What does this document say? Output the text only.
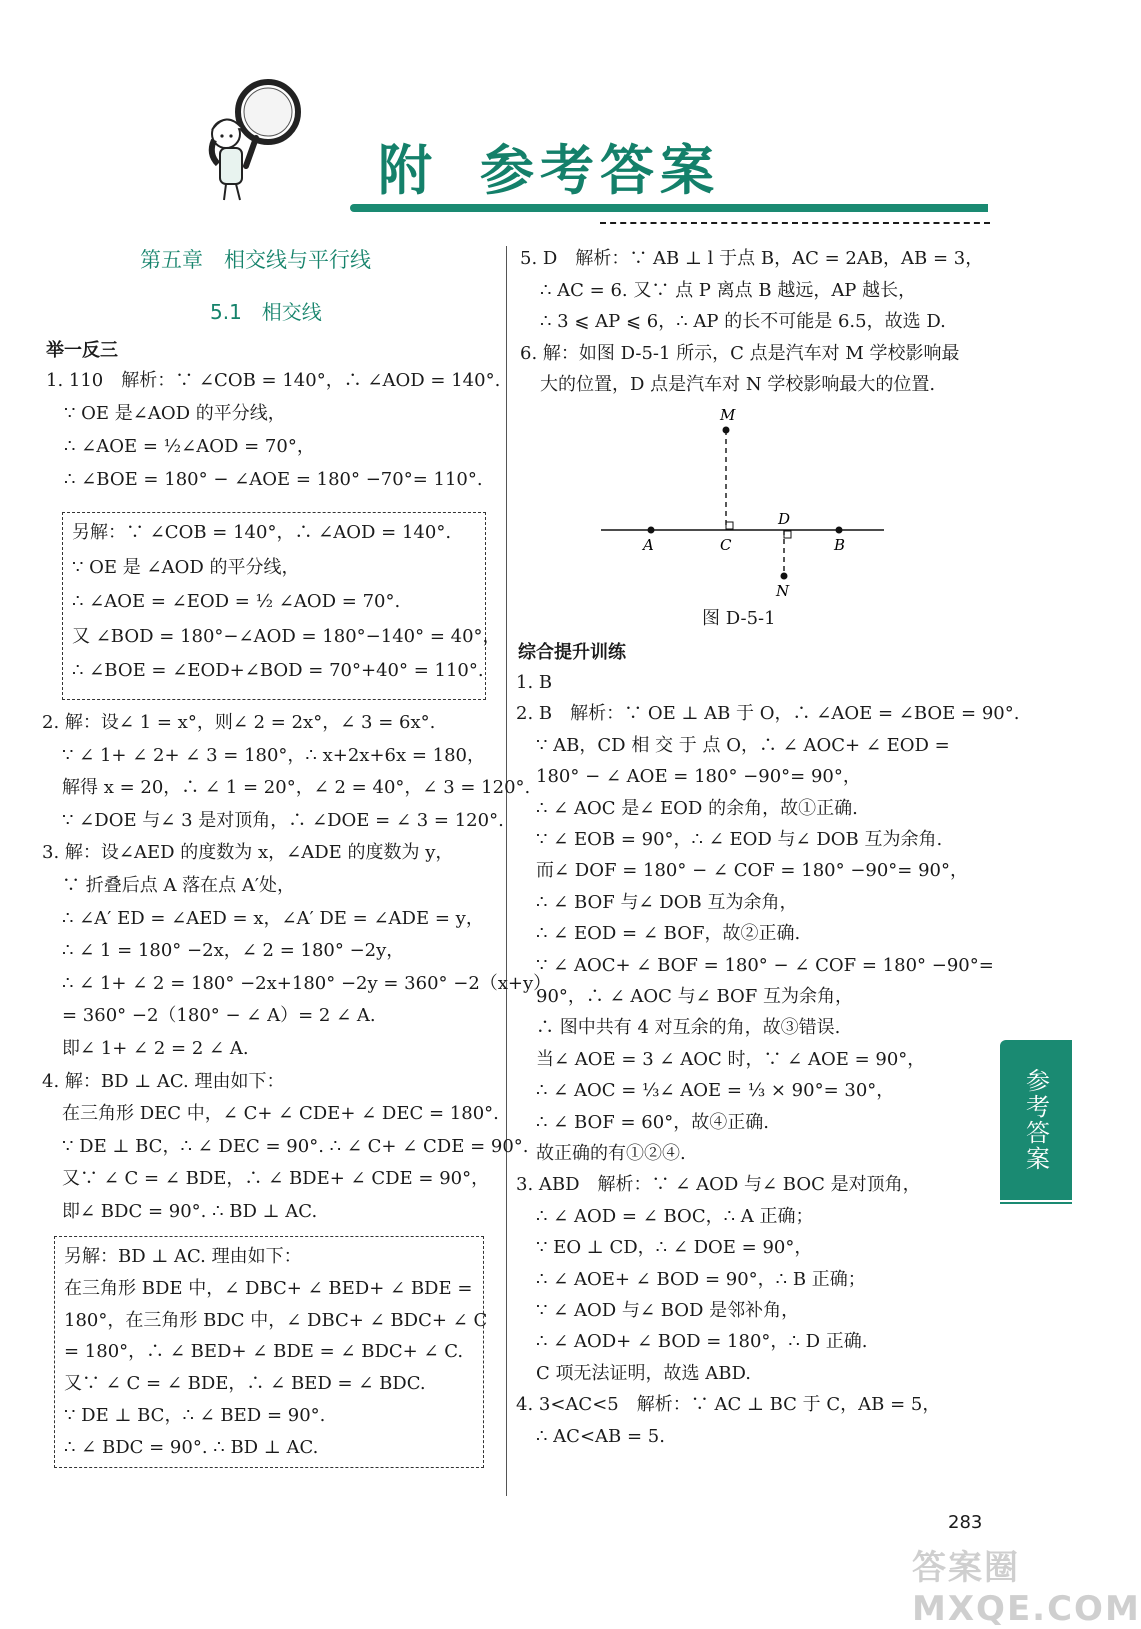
附 参考答案
第五章　相交线与平行线
5.1　相交线
举一反三
1. 110　解析：∵ ∠COB = 140°，∴ ∠AOD = 140°.
∵ OE 是∠AOD 的平分线，
∴ ∠AOE = ½∠AOD = 70°，
∴ ∠BOE = 180° − ∠AOE = 180° −70°= 110°.
另解：∵ ∠COB = 140°，∴ ∠AOD = 140°.
∵ OE 是 ∠AOD 的平分线，
∴ ∠AOE = ∠EOD = ½ ∠AOD = 70°.
又 ∠BOD = 180°−∠AOD = 180°−140° = 40°，
∴ ∠BOE = ∠EOD+∠BOD = 70°+40° = 110°.
2. 解：设∠ 1 = x°，则∠ 2 = 2x°，∠ 3 = 6x°.
∵ ∠ 1+ ∠ 2+ ∠ 3 = 180°，∴ x+2x+6x = 180，
解得 x = 20，∴ ∠ 1 = 20°，∠ 2 = 40°，∠ 3 = 120°.
∵ ∠DOE 与∠ 3 是对顶角，∴ ∠DOE = ∠ 3 = 120°.
3. 解：设∠AED 的度数为 x，∠ADE 的度数为 y，
∵ 折叠后点 A 落在点 A′处，
∴ ∠A′ ED = ∠AED = x，∠A′ DE = ∠ADE = y，
∴ ∠ 1 = 180° −2x，∠ 2 = 180° −2y，
∴ ∠ 1+ ∠ 2 = 180° −2x+180° −2y = 360° −2（x+y）
= 360° −2（180° − ∠ A）= 2 ∠ A.
即∠ 1+ ∠ 2 = 2 ∠ A.
4. 解：BD ⊥ AC. 理由如下：
在三角形 DEC 中，∠ C+ ∠ CDE+ ∠ DEC = 180°.
∵ DE ⊥ BC，∴ ∠ DEC = 90°. ∴ ∠ C+ ∠ CDE = 90°.
又∵ ∠ C = ∠ BDE，∴ ∠ BDE+ ∠ CDE = 90°，
即∠ BDC = 90°. ∴ BD ⊥ AC.
另解：BD ⊥ AC. 理由如下：
在三角形 BDE 中，∠ DBC+ ∠ BED+ ∠ BDE =
180°，在三角形 BDC 中，∠ DBC+ ∠ BDC+ ∠ C
= 180°，∴ ∠ BED+ ∠ BDE = ∠ BDC+ ∠ C.
又∵ ∠ C = ∠ BDE，∴ ∠ BED = ∠ BDC.
∵ DE ⊥ BC，∴ ∠ BED = 90°.
∴ ∠ BDC = 90°. ∴ BD ⊥ AC.
5. D　解析：∵ AB ⊥ l 于点 B，AC = 2AB，AB = 3，
∴ AC = 6. 又∵ 点 P 离点 B 越远，AP 越长，
∴ 3 ⩽ AP ⩽ 6，∴ AP 的长不可能是 6.5，故选 D.
6. 解：如图 D-5-1 所示，C 点是汽车对 M 学校影响最
大的位置，D 点是汽车对 N 学校影响最大的位置.
M
A	C
D
B
N
图 D-5-1
综合提升训练
1. B
2. B　解析：∵ OE ⊥ AB 于 O，∴ ∠AOE = ∠BOE = 90°.
∵ AB，CD 相 交 于 点 O，∴ ∠ AOC+ ∠ EOD =
180° − ∠ AOE = 180° −90°= 90°，
∴ ∠ AOC 是∠ EOD 的余角，故①正确.
∵ ∠ EOB = 90°，∴ ∠ EOD 与∠ DOB 互为余角.
而∠ DOF = 180° − ∠ COF = 180° −90°= 90°，
∴ ∠ BOF 与∠ DOB 互为余角，
∴ ∠ EOD = ∠ BOF，故②正确.
∵ ∠ AOC+ ∠ BOF = 180° − ∠ COF = 180° −90°=
90°，∴ ∠ AOC 与∠ BOF 互为余角，
∴ 图中共有 4 对互余的角，故③错误.
当∠ AOE = 3 ∠ AOC 时，∵ ∠ AOE = 90°，
∴ ∠ AOC = ⅓∠ AOE = ⅓ × 90°= 30°，
∴ ∠ BOF = 60°，故④正确.
故正确的有①②④.
3. ABD　解析：∵ ∠ AOD 与∠ BOC 是对顶角，
∴ ∠ AOD = ∠ BOC，∴ A 正确；
∵ EO ⊥ CD，∴ ∠ DOE = 90°，
∴ ∠ AOE+ ∠ BOD = 90°，∴ B 正确；
∵ ∠ AOD 与∠ BOD 是邻补角，
∴ ∠ AOD+ ∠ BOD = 180°，∴ D 正确.
C 项无法证明，故选 ABD.
4. 3<AC<5　解析：∵ AC ⊥ BC 于 C，AB = 5，
∴ AC<AB = 5.
参考答案
283
答案圈 MXQE.COM
